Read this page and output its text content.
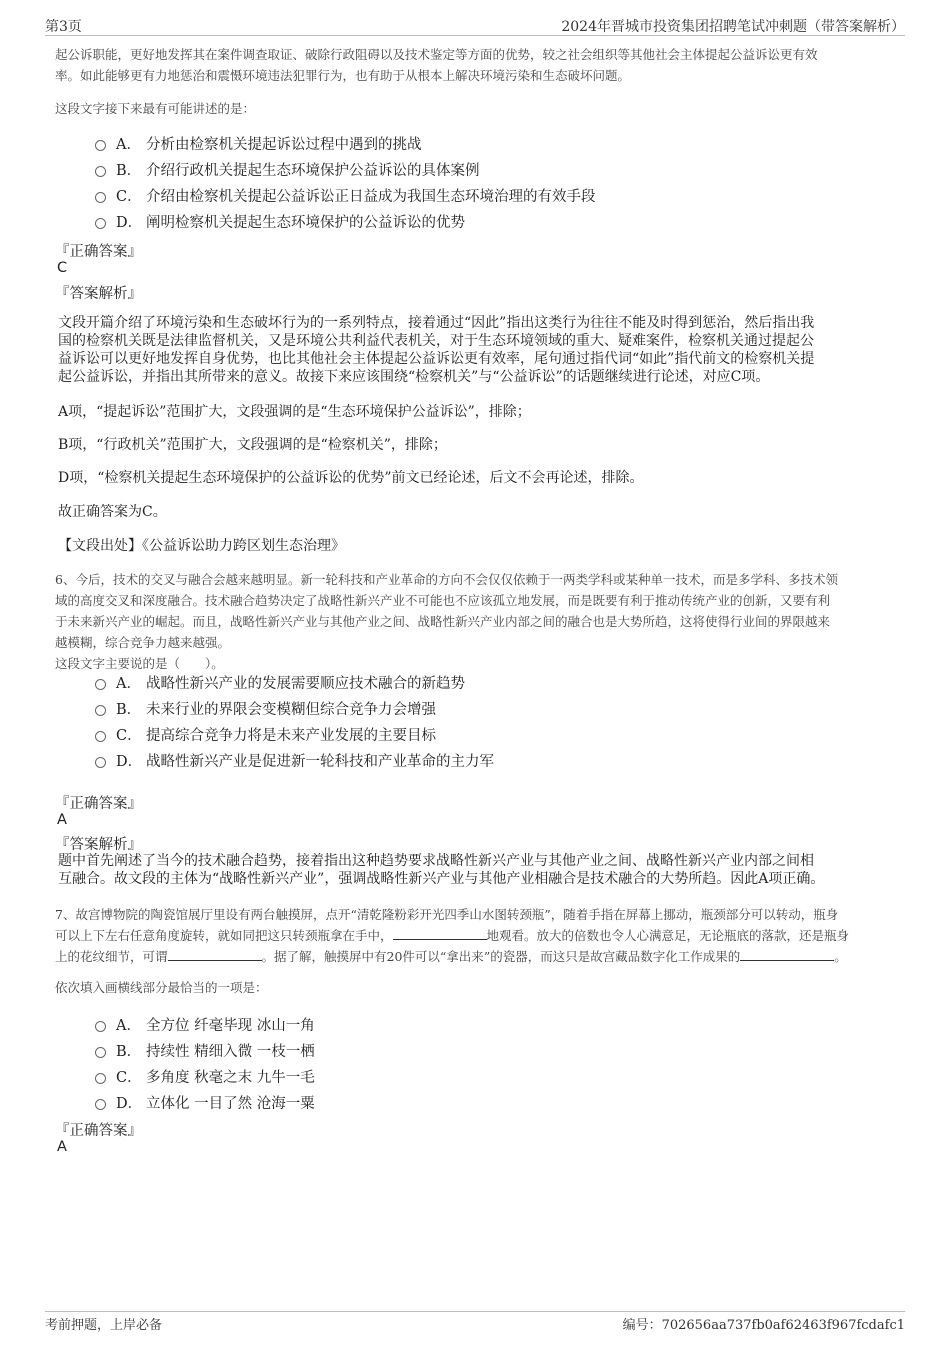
第3页	2024年晋城市投资集团招聘笔试冲刺题（带答案解析）
起公诉职能，更好地发挥其在案件调查取证、破除行政阻碍以及技术鉴定等方面的优势，较之社会组织等其他社会主体提起公益诉讼更有效
率。如此能够更有力地惩治和震慑环境违法犯罪行为，也有助于从根本上解决环境污染和生态破坏问题。
这段文字接下来最有可能讲述的是：
A． 分析由检察机关提起诉讼过程中遇到的挑战
B． 介绍行政机关提起生态环境保护公益诉讼的具体案例
C． 介绍由检察机关提起公益诉讼正日益成为我国生态环境治理的有效手段
D． 阐明检察机关提起生态环境保护的公益诉讼的优势
『正确答案』
C
『答案解析』
文段开篇介绍了环境污染和生态破坏行为的一系列特点，接着通过“因此”指出这类行为往往不能及时得到惩治，然后指出我
国的检察机关既是法律监督机关，又是环境公共利益代表机关，对于生态环境领域的重大、疑难案件，检察机关通过提起公
益诉讼可以更好地发挥自身优势，也比其他社会主体提起公益诉讼更有效率，尾句通过指代词“如此”指代前文的检察机关提
起公益诉讼，并指出其所带来的意义。故接下来应该围绕“检察机关”与“公益诉讼”的话题继续进行论述，对应C项。
A项，“提起诉讼”范围扩大，文段强调的是“生态环境保护公益诉讼”，排除；
B项，“行政机关”范围扩大，文段强调的是“检察机关”，排除；
D项，“检察机关提起生态环境保护的公益诉讼的优势”前文已经论述，后文不会再论述，排除。
故正确答案为C。
【文段出处】《公益诉讼助力跨区划生态治理》
6、今后，技术的交叉与融合会越来越明显。新一轮科技和产业革命的方向不会仅仅依赖于一两类学科或某种单一技术，而是多学科、多技术领
域的高度交叉和深度融合。技术融合趋势决定了战略性新兴产业不可能也不应该孤立地发展，而是既要有利于推动传统产业的创新，又要有利
于未来新兴产业的崛起。而且，战略性新兴产业与其他产业之间、战略性新兴产业内部之间的融合也是大势所趋，这将使得行业间的界限越来
越模糊，综合竞争力越来越强。
这段文字主要说的是（　　）。
A． 战略性新兴产业的发展需要顺应技术融合的新趋势
B． 未来行业的界限会变模糊但综合竞争力会增强
C． 提高综合竞争力将是未来产业发展的主要目标
D． 战略性新兴产业是促进新一轮科技和产业革命的主力军
『正确答案』
A
『答案解析』
题中首先阐述了当今的技术融合趋势，接着指出这种趋势要求战略性新兴产业与其他产业之间、战略性新兴产业内部之间相
互融合。故文段的主体为“战略性新兴产业”，强调战略性新兴产业与其他产业相融合是技术融合的大势所趋。因此A项正确。
7、故宫博物院的陶瓷馆展厅里设有两台触摸屏，点开“清乾隆粉彩开光四季山水图转颈瓶”，随着手指在屏幕上挪动，瓶颈部分可以转动，瓶身
可以上下左右任意角度旋转，就如同把这只转颈瓶拿在手中，	地观看。放大的倍数也令人心满意足，无论瓶底的落款，还是瓶身
上的花纹细节，可谓	。据了解，触摸屏中有20件可以“拿出来”的瓷器，而这只是故宫藏品数字化工作成果的	。
依次填入画横线部分最恰当的一项是：
A． 全方位 纤毫毕现 冰山一角
B． 持续性 精细入微 一枝一栖
C． 多角度 秋毫之末 九牛一毛
D． 立体化 一目了然 沧海一粟
『正确答案』
A
考前押题，上岸必备	编号：702656aa737fb0af62463f967fcdafc1
